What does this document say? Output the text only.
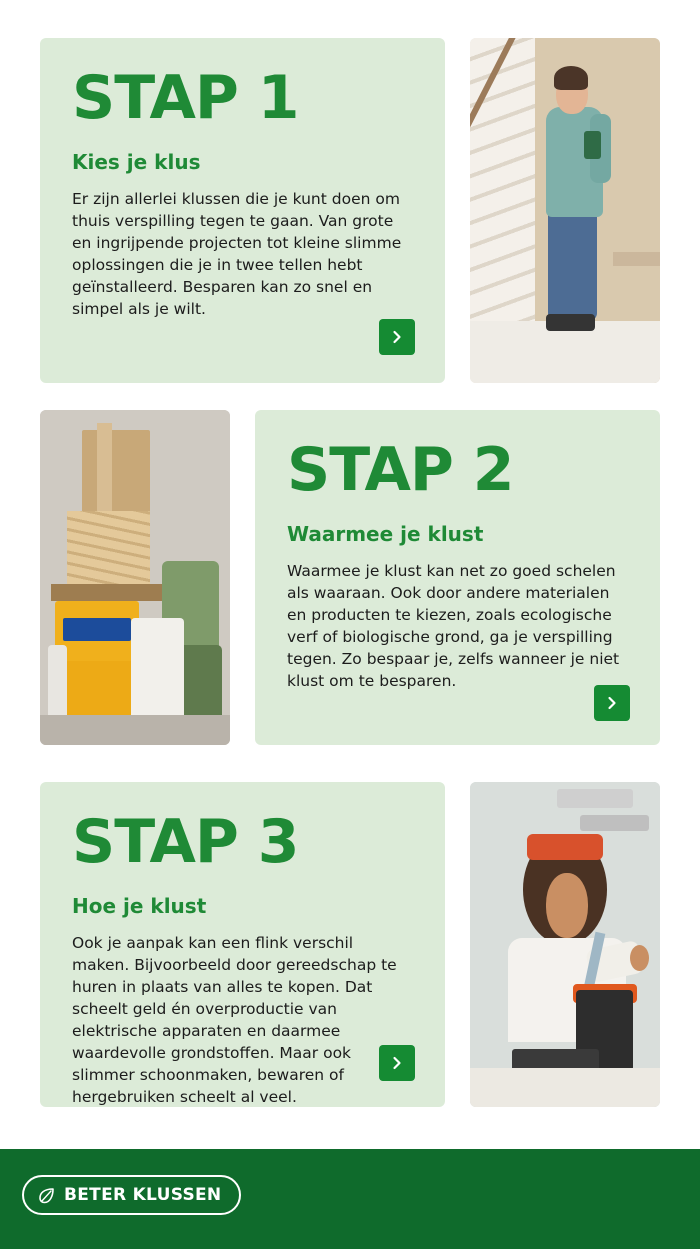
STAP 1
Kies je klus
Er zijn allerlei klussen die je kunt doen om thuis verspilling tegen te gaan. Van grote en ingrijpende projecten tot kleine slimme oplossingen die je in twee tellen hebt geïnstalleerd. Besparen kan zo snel en simpel als je wilt.
STAP 2
Waarmee je klust
Waarmee je klust kan net zo goed schelen als waaraan. Ook door andere materialen en producten te kiezen, zoals ecologische verf of biologische grond, ga je verspilling tegen. Zo bespaar je, zelfs wanneer je niet klust om te besparen.
STAP 3
Hoe je klust
Ook je aanpak kan een flink verschil maken. Bijvoorbeeld door gereedschap te huren in plaats van alles te kopen. Dat scheelt geld én overproductie van elektrische apparaten en daarmee waardevolle grondstoffen. Maar ook slimmer schoonmaken, bewaren of hergebruiken scheelt al veel.
BETER KLUSSEN
